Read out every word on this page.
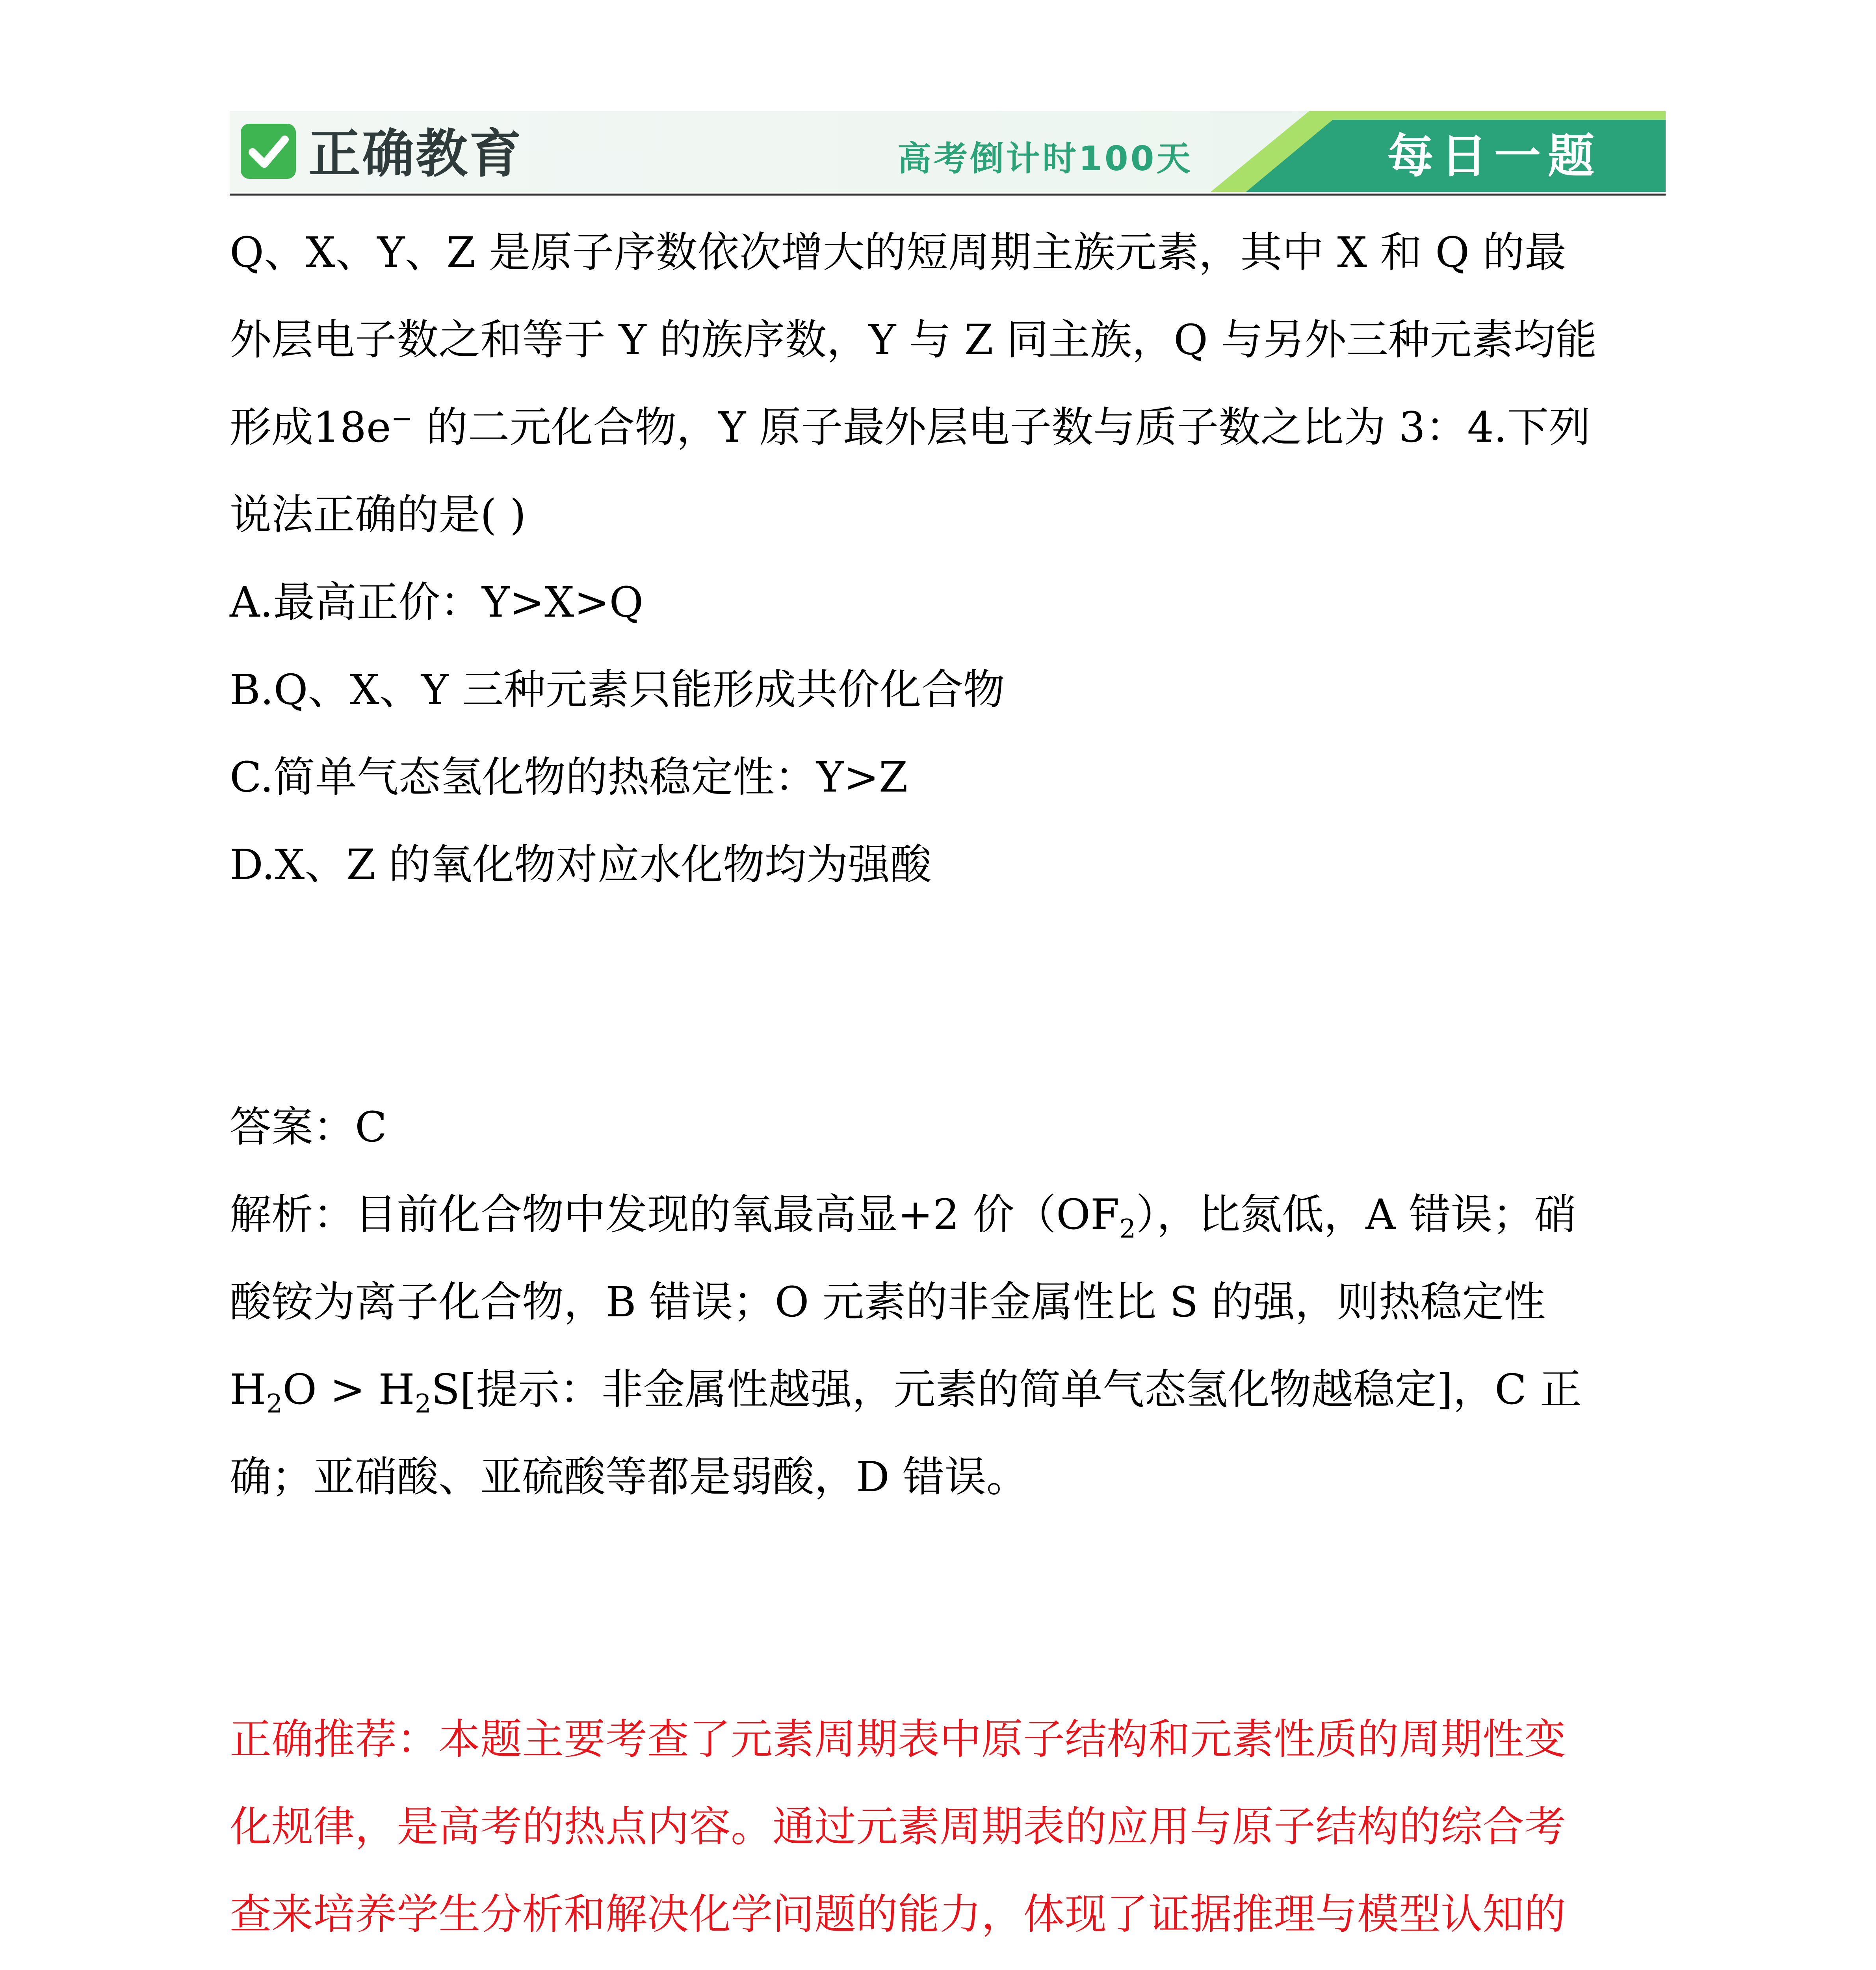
正确教育	高考倒计时100天	每日一题

Q、X、Y、Z 是原子序数依次增大的短周期主族元素，其中 X 和 Q 的最

外层电子数之和等于 Y 的族序数，Y 与 Z 同主族，Q 与另外三种元素均能

形成18e− 的二元化合物，Y 原子最外层电子数与质子数之比为 3：4.下列

说法正确的是( )

A.最高正价：Y>X>Q

B.Q、X、Y 三种元素只能形成共价化合物

C.简单气态氢化物的热稳定性：Y>Z

D.X、Z 的氧化物对应水化物均为强酸

答案：C

解析：目前化合物中发现的氧最高显+2 价$(OF_2)$，比氮低，A 错误；硝

酸铵为离子化合物，B 错误；O 元素的非金属性比 S 的强，则热稳定性

$H_2O > H_2S$[提示：非金属性越强，元素的简单气态氢化物越稳定]，C 正

确；亚硝酸、亚硫酸等都是弱酸，D 错误。

正确推荐：本题主要考查了元素周期表中原子结构和元素性质的周期性变

化规律，是高考的热点内容。通过元素周期表的应用与原子结构的综合考

查来培养学生分析和解决化学问题的能力，体现了证据推理与模型认知的
